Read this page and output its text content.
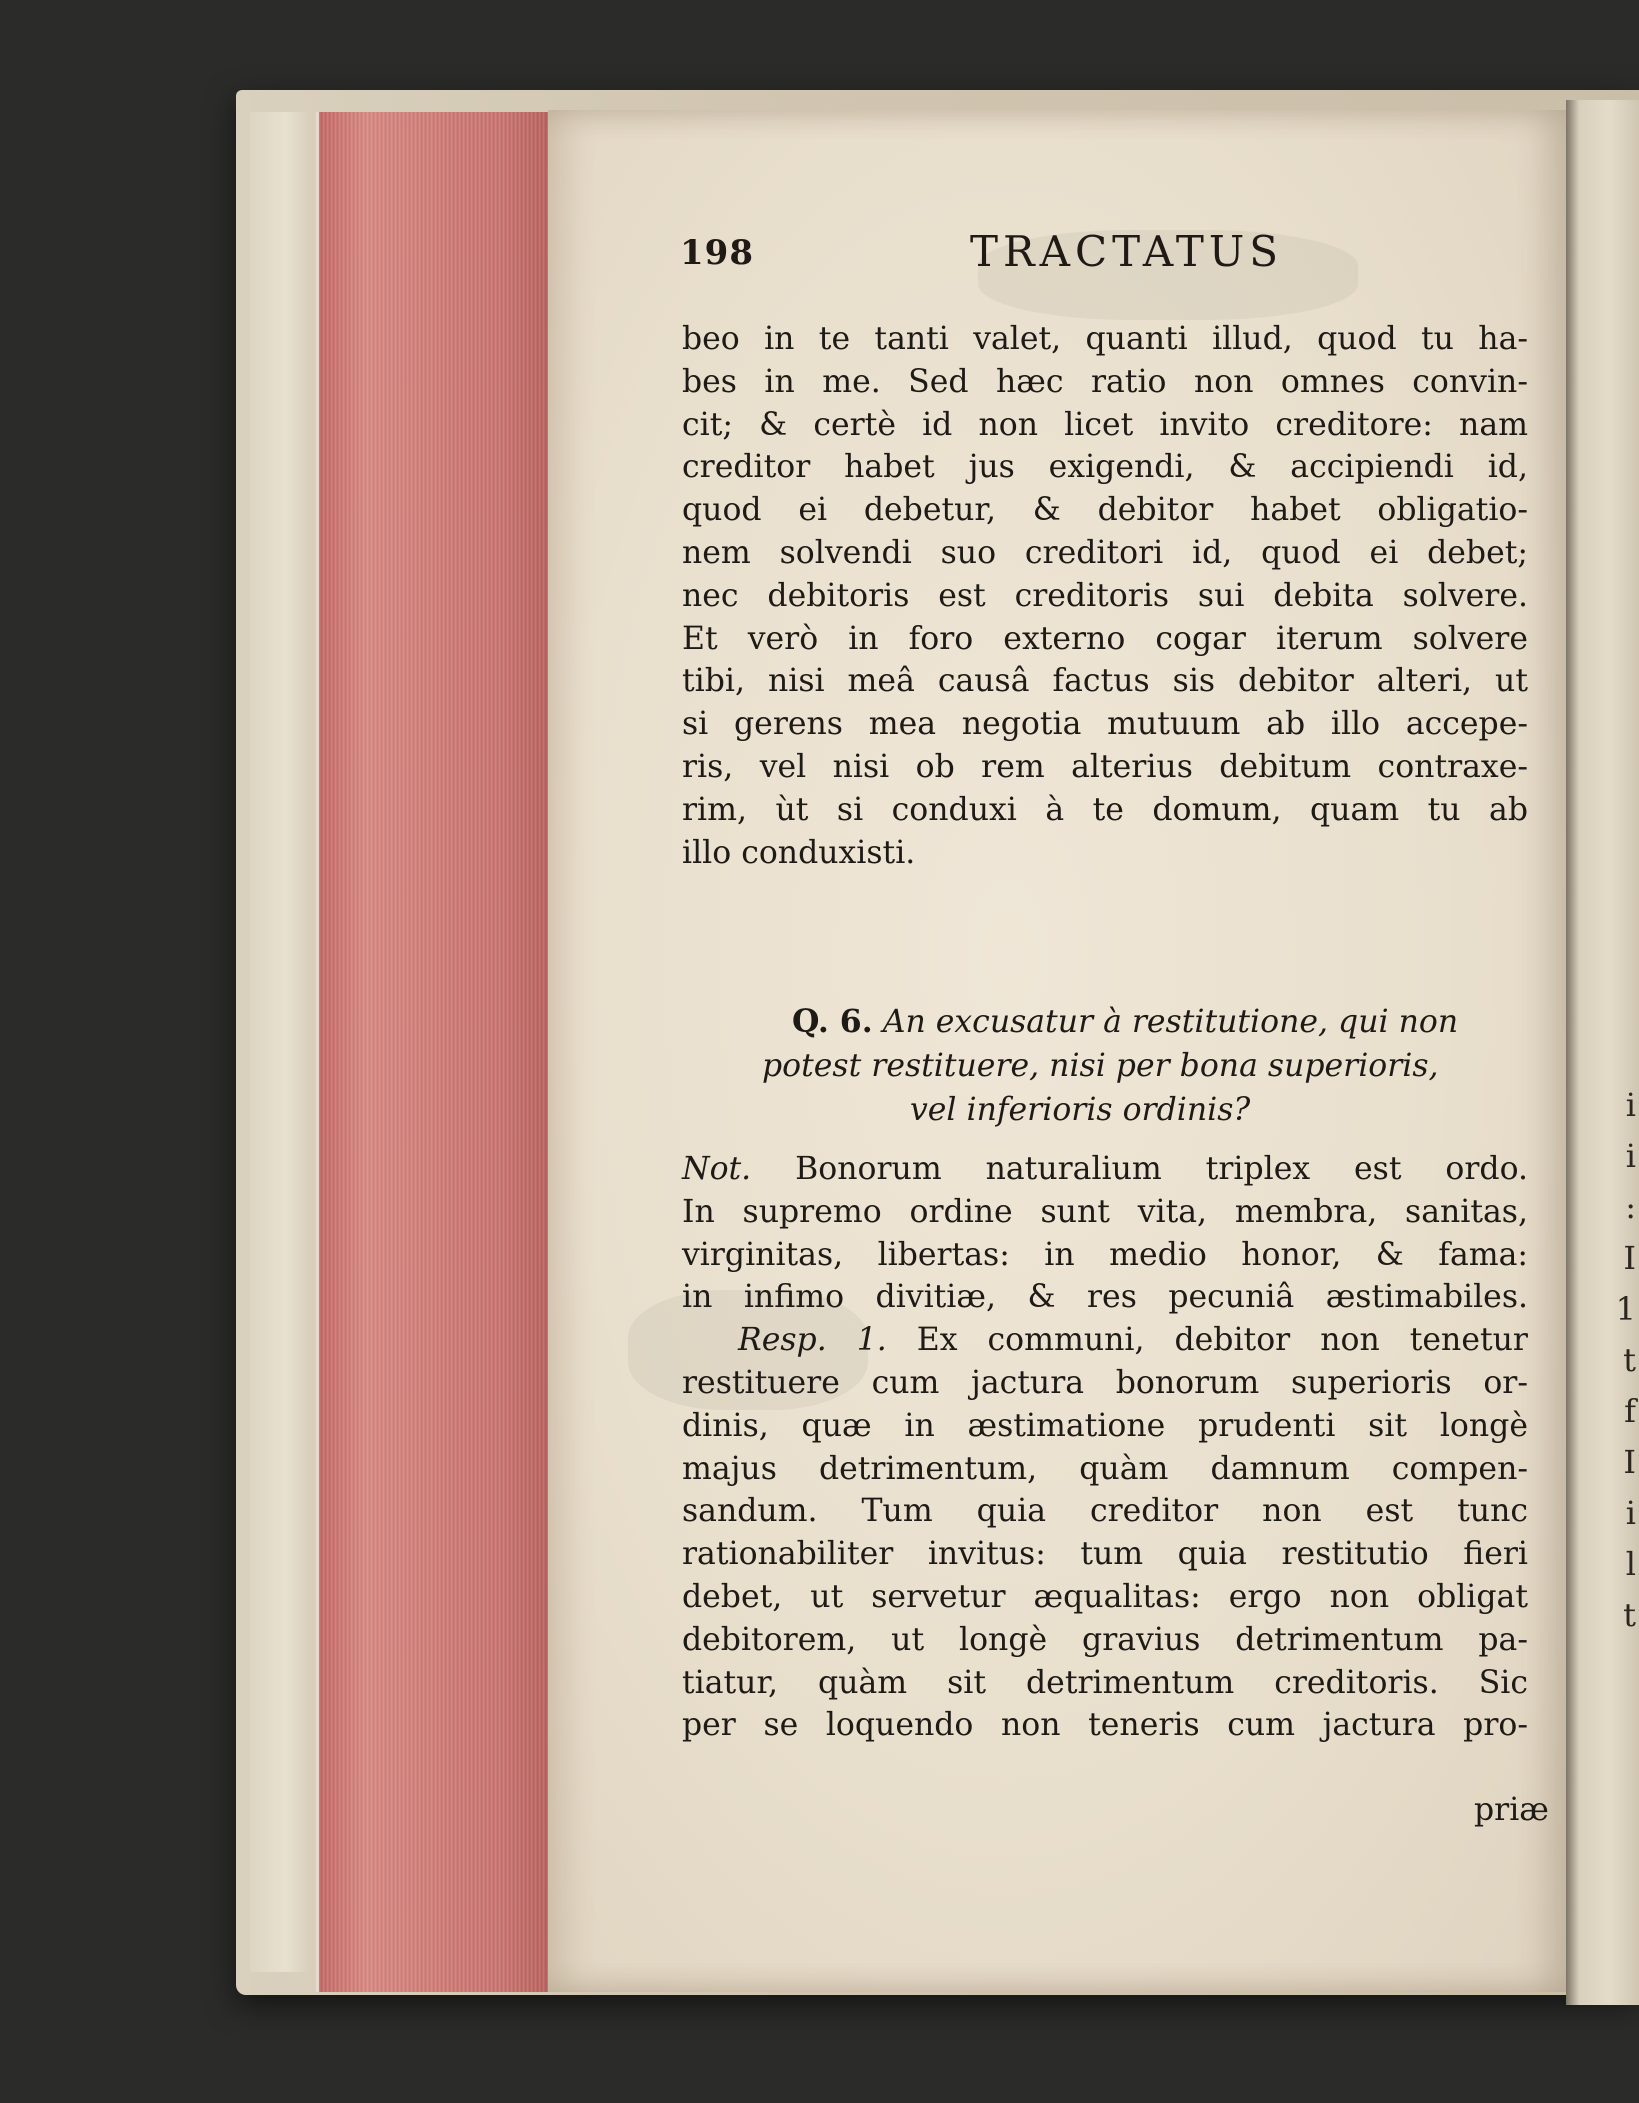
i
i
:
I
1
t
f
I
i
l
t
198	TRACTATUS
beo in te tanti valet, quanti illud, quod tu ha-
bes in me. Sed hæc ratio non omnes convin-
cit; & certè id non licet invito creditore: nam
creditor habet jus exigendi, & accipiendi id,
quod ei debetur, & debitor habet obligatio-
nem solvendi suo creditori id, quod ei debet;
nec debitoris est creditoris sui debita solvere.
Et verò in foro externo cogar iterum solvere
tibi, nisi meâ causâ factus sis debitor alteri, ut
si gerens mea negotia mutuum ab illo accepe-
ris, vel nisi ob rem alterius debitum contraxe-
rim, ùt si conduxi à te domum, quam tu ab
illo conduxisti.
Q. 6. An excusatur à restitutione, qui non
potest restituere, nisi per bona superioris,
vel inferioris ordinis?
Not. Bonorum naturalium triplex est ordo.
In supremo ordine sunt vita, membra, sanitas,
virginitas, libertas: in medio honor, & fama:
in infimo divitiæ, & res pecuniâ æstimabiles.
Resp. 1. Ex communi, debitor non tenetur
restituere cum jactura bonorum superioris or-
dinis, quæ in æstimatione prudenti sit longè
majus detrimentum, quàm damnum compen-
sandum. Tum quia creditor non est tunc
rationabiliter invitus: tum quia restitutio fieri
debet, ut servetur æqualitas: ergo non obligat
debitorem, ut longè gravius detrimentum pa-
tiatur, quàm sit detrimentum creditoris. Sic
per se loquendo non teneris cum jactura pro-
priæ
